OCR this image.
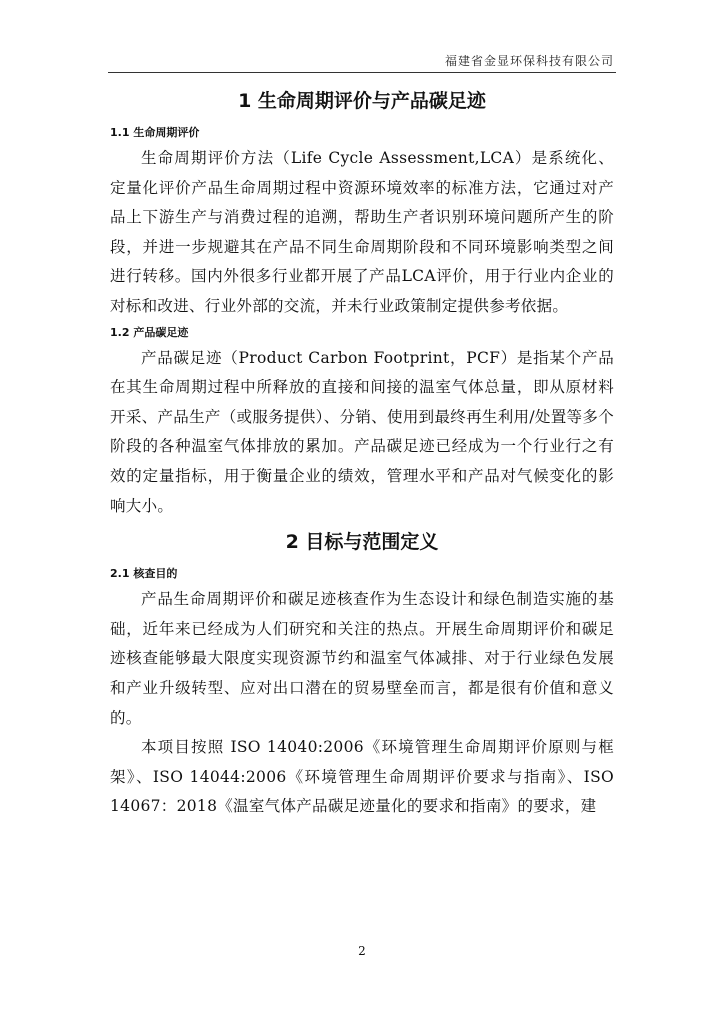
福建省金显环保科技有限公司
1 生命周期评价与产品碳足迹
1.1 生命周期评价

生命周期评价方法（Life Cycle Assessment,LCA）是系统化、定量化评价产品生命周期过程中资源环境效率的标准方法，它通过对产品上下游生产与消费过程的追溯，帮助生产者识别环境问题所产生的阶段，并进一步规避其在产品不同生命周期阶段和不同环境影响类型之间进行转移。国内外很多行业都开展了产品LCA评价，用于行业内企业的对标和改进、行业外部的交流，并未行业政策制定提供参考依据。

1.2 产品碳足迹

产品碳足迹（Product Carbon Footprint，PCF）是指某个产品在其生命周期过程中所释放的直接和间接的温室气体总量，即从原材料开采、产品生产（或服务提供）、分销、使用到最终再生利用/处置等多个阶段的各种温室气体排放的累加。产品碳足迹已经成为一个行业行之有效的定量指标，用于衡量企业的绩效，管理水平和产品对气候变化的影响大小。

2 目标与范围定义
2.1 核查目的

产品生命周期评价和碳足迹核查作为生态设计和绿色制造实施的基础，近年来已经成为人们研究和关注的热点。开展生命周期评价和碳足迹核查能够最大限度实现资源节约和温室气体减排、对于行业绿色发展和产业升级转型、应对出口潜在的贸易壁垒而言，都是很有价值和意义的。

本项目按照 ISO 14040:2006《环境管理生命周期评价原则与框架》、ISO 14044:2006《环境管理生命周期评价要求与指南》、ISO 14067：2018《温室气体产品碳足迹量化的要求和指南》的要求，建

2
